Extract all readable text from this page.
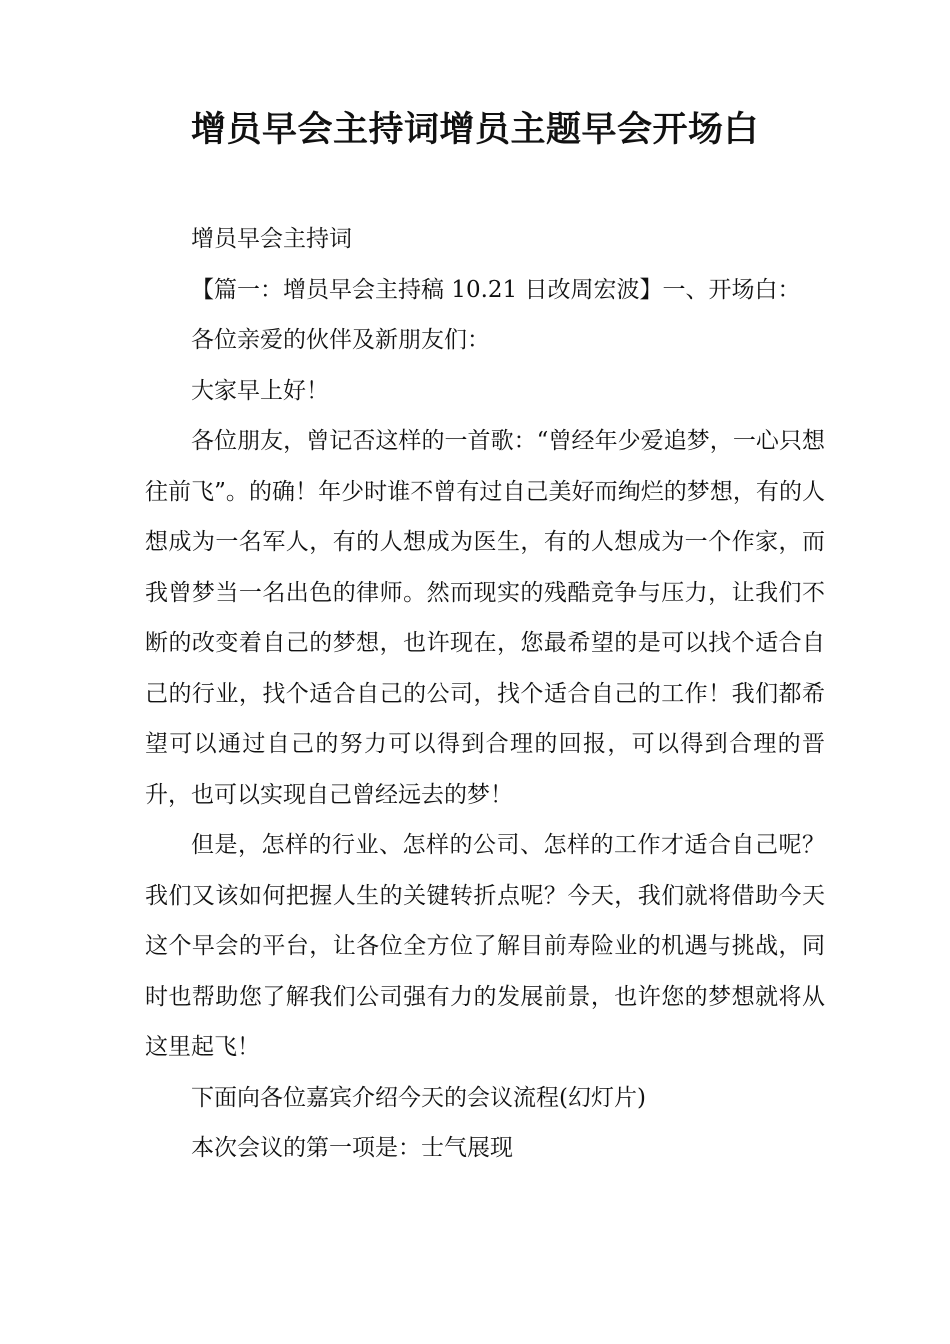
增员早会主持词增员主题早会开场白

增员早会主持词

【篇一：增员早会主持稿 10.21 日改周宏波】一、开场白：

各位亲爱的伙伴及新朋友们：

大家早上好！

各位朋友，曾记否这样的一首歌：“曾经年少爱追梦，一心只想往前飞”。的确！年少时谁不曾有过自己美好而绚烂的梦想，有的人想成为一名军人，有的人想成为医生，有的人想成为一个作家，而我曾梦当一名出色的律师。然而现实的残酷竞争与压力，让我们不断的改变着自己的梦想，也许现在，您最希望的是可以找个适合自己的行业，找个适合自己的公司，找个适合自己的工作！我们都希望可以通过自己的努力可以得到合理的回报，可以得到合理的晋升，也可以实现自己曾经远去的梦！

但是，怎样的行业、怎样的公司、怎样的工作才适合自己呢？我们又该如何把握人生的关键转折点呢？今天，我们就将借助今天这个早会的平台，让各位全方位了解目前寿险业的机遇与挑战，同时也帮助您了解我们公司强有力的发展前景，也许您的梦想就将从这里起飞！

下面向各位嘉宾介绍今天的会议流程(幻灯片)

本次会议的第一项是：士气展现
